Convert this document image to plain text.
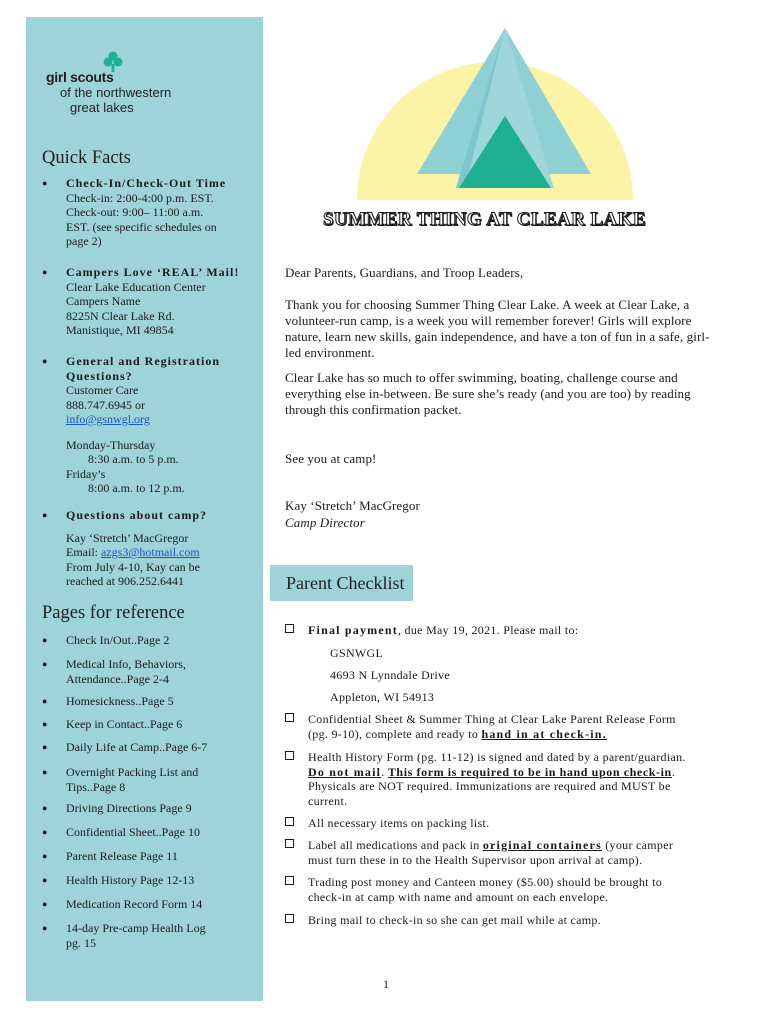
girl scouts
of the northwestern
great lakes
Quick Facts
● Check-In/Check-Out Time
Check-in: 2:00-4:00 p.m. EST.
Check-out: 9:00– 11:00 a.m.
EST. (see specific schedules on
page 2)
● Campers Love ‘REAL’ Mail!
Clear Lake Education Center
Campers Name
8225N Clear Lake Rd.
Manistique, MI 49854
● General and Registration
Questions?
Customer Care
888.747.6945 or
info@gsnwgl.org
Monday-Thursday
8:30 a.m. to 5 p.m.
Friday’s
8:00 a.m. to 12 p.m.
● Questions about camp?
Kay ‘Stretch’ MacGregor
Email: azgs3@hotmail.com
From July 4-10, Kay can be
reached at 906.252.6441
Pages for reference
● Check In/Out..Page 2
● Medical Info, Behaviors,
Attendance..Page 2-4
● Homesickness..Page 5
● Keep in Contact..Page 6
● Daily Life at Camp..Page 6-7
● Overnight Packing List and
Tips..Page 8
● Driving Directions Page 9
● Confidential Sheet..Page 10
● Parent Release Page 11
● Health History Page 12-13
● Medication Record Form 14
● 14-day Pre-camp Health Log
pg. 15
SUMMER THING AT CLEAR LAKE
Dear Parents, Guardians, and Troop Leaders,
Thank you for choosing Summer Thing Clear Lake. A week at Clear Lake, a volunteer-run camp, is a week you will remember forever! Girls will explore nature, learn new skills, gain independence, and have a ton of fun in a safe, girl-led environment.
Clear Lake has so much to offer swimming, boating, challenge course and everything else in-between. Be sure she’s ready (and you are too) by reading through this confirmation packet.
See you at camp!
Kay ‘Stretch’ MacGregor
Camp Director
Parent Checklist
Final payment, due May 19, 2021. Please mail to:
GSNWGL
4693 N Lynndale Drive
Appleton, WI 54913
Confidential Sheet & Summer Thing at Clear Lake Parent Release Form
(pg. 9-10), complete and ready to hand in at check-in.
Health History Form (pg. 11-12) is signed and dated by a parent/guardian.
Do not mail. This form is required to be in hand upon check-in.
Physicals are NOT required. Immunizations are required and MUST be
current.
All necessary items on packing list.
Label all medications and pack in original containers (your camper
must turn these in to the Health Supervisor upon arrival at camp).
Trading post money and Canteen money ($5.00) should be brought to
check-in at camp with name and amount on each envelope.
Bring mail to check-in so she can get mail while at camp.
1
